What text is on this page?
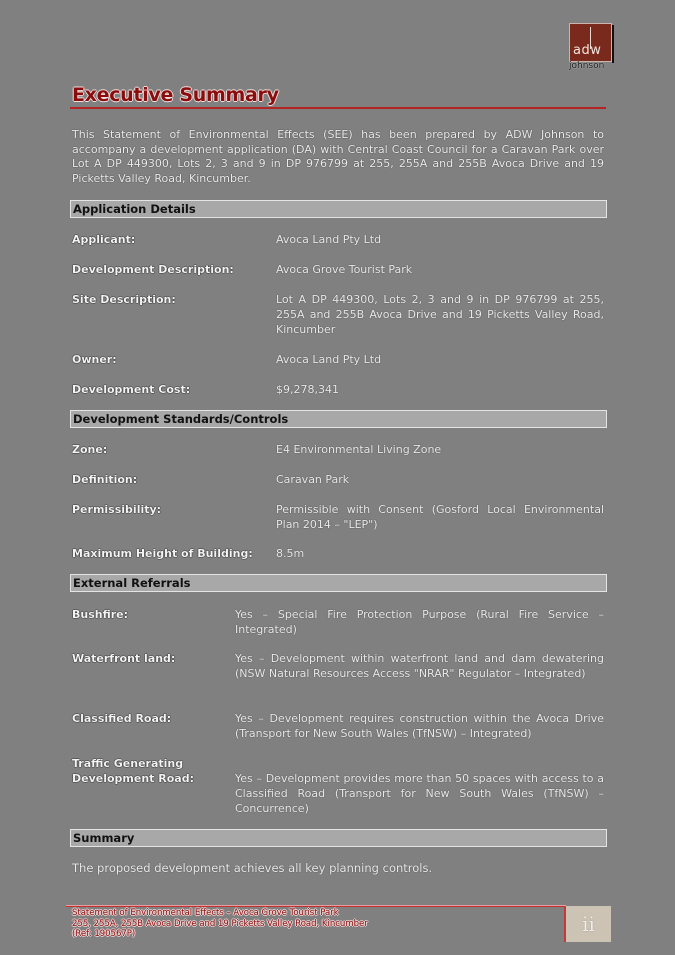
adw
johnson
Executive Summary
This Statement of Environmental Effects (SEE) has been prepared by ADW Johnson to accompany a development application (DA) with Central Coast Council for a Caravan Park over Lot A DP 449300, Lots 2, 3 and 9 in DP 976799 at 255, 255A and 255B Avoca Drive and 19 Picketts Valley Road, Kincumber.
Application Details
Applicant:	Avoca Land Pty Ltd
Development Description:	Avoca Grove Tourist Park
Site Description:	Lot A DP 449300, Lots 2, 3 and 9 in DP 976799 at 255, 255A and 255B Avoca Drive and 19 Picketts Valley Road, Kincumber
Owner:	Avoca Land Pty Ltd
Development Cost:	$9,278,341
Development Standards/Controls
Zone:	E4 Environmental Living Zone
Definition:	Caravan Park
Permissibility:	Permissible with Consent (Gosford Local Environmental Plan 2014 – "LEP")
Maximum Height of Building: 8.5m
External Referrals
Bushfire:	Yes – Special Fire Protection Purpose (Rural Fire Service – Integrated)
Waterfront land:	Yes – Development within waterfront land and dam dewatering (NSW Natural Resources Access "NRAR" Regulator – Integrated)
Classified Road:	Yes – Development requires construction within the Avoca Drive (Transport for New South Wales (TfNSW) – Integrated)
Traffic Generating
Development Road:	Yes – Development provides more than 50 spaces with access to a Classified Road (Transport for New South Wales (TfNSW) – Concurrence)
Summary
The proposed development achieves all key planning controls.
Statement of Environmental Effects – Avoca Grove Tourist Park
255, 255A, 255B Avoca Drive and 19 Picketts Valley Road, Kincumber
(Ref: 190567P)	ii
